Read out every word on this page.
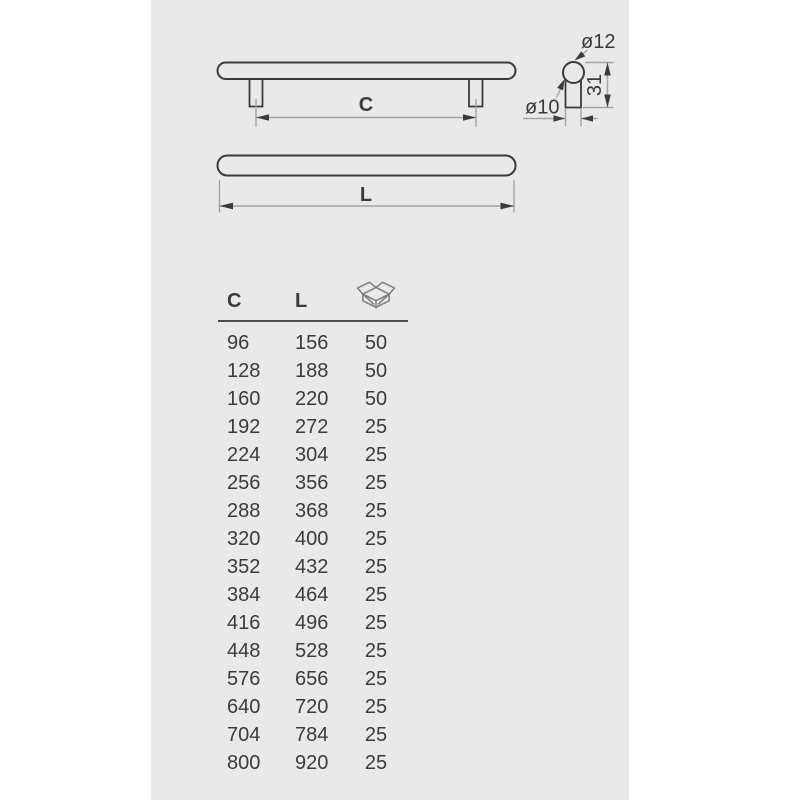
C
L
ø12
ø10
31
C	L
96	156	50
128	188	50
160	220	50
192	272	25
224	304	25
256	356	25
288	368	25
320	400	25
352	432	25
384	464	25
416	496	25
448	528	25
576	656	25
640	720	25
704	784	25
800	920	25
